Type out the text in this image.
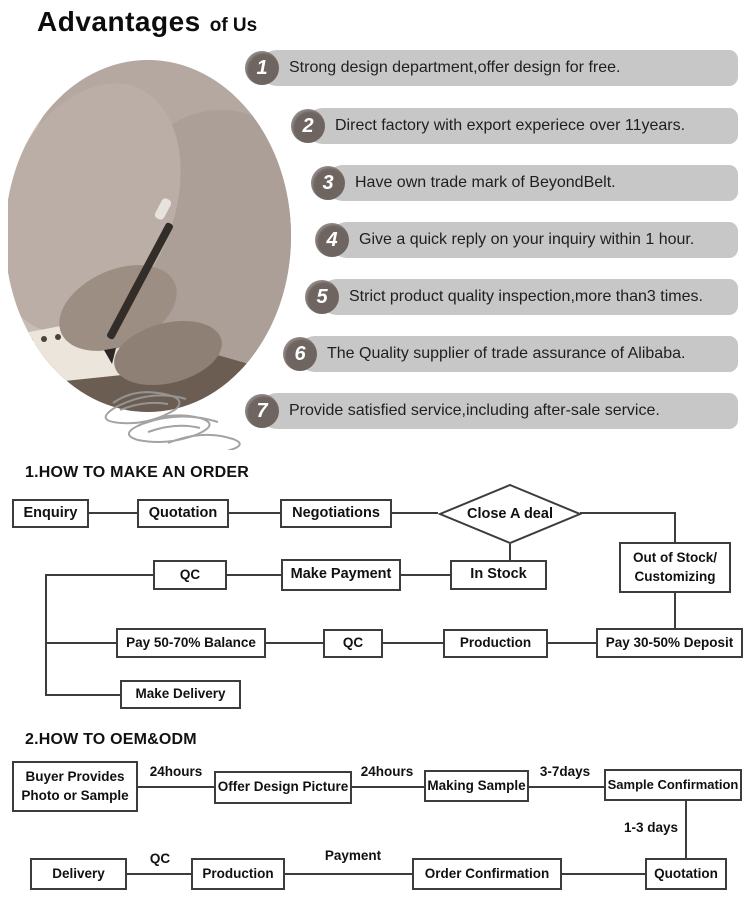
Advantages of Us
Strong design department,offer design for free.
1
Direct factory with export experiece over 11years.
2
Have own trade mark of BeyondBelt.
3
Give a quick reply on your inquiry within 1 hour.
4
Strict product quality inspection,more than3 times.
5
The Quality supplier of trade assurance of Alibaba.
6
Provide satisfied service,including after-sale service.
7
1.HOW TO MAKE AN ORDER
Enquiry	Quotation	Negotiations	Close A deal
Out of Stock/
Customizing
QC	Make Payment	In Stock
Pay 50-70% Balance	QC	Production	Pay 30-50% Deposit
Make Delivery
2.HOW TO OEM&ODM
Buyer Provides
Photo or Sample
Offer Design Picture	Making Sample	Sample Confirmation
Delivery	Production	Order Confirmation	Quotation
24hours	24hours	3-7days
1-3 days
QC	Payment
